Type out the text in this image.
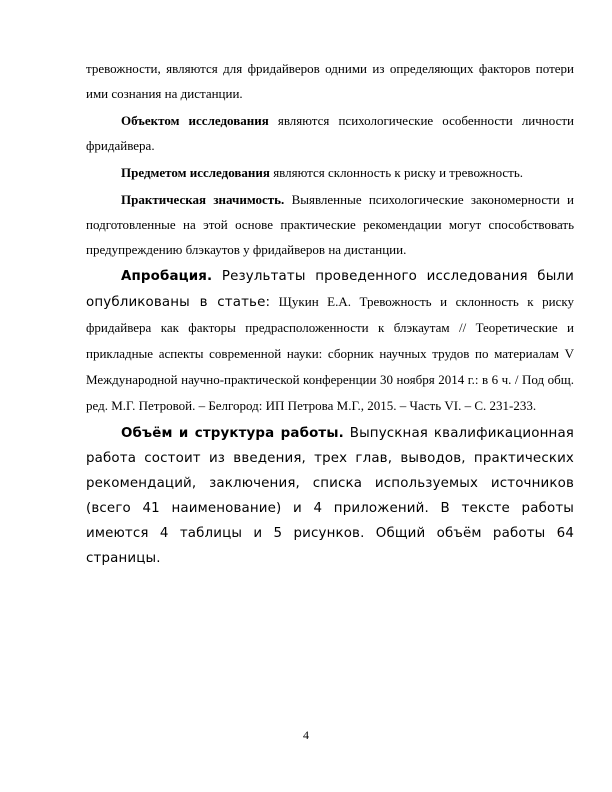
тревожности, являются для фридайверов одними из определяющих факторов потери ими сознания на дистанции.

Объектом исследования являются психологические особенности личности фридайвера.

Предметом исследования являются склонность к риску и тревожность.

Практическая значимость. Выявленные психологические закономерности и подготовленные на этой основе практические рекомендации могут способствовать предупреждению блэкаутов у фридайверов на дистанции.

Апробация. Результаты проведенного исследования были опубликованы в статье: Щукин Е.А. Тревожность и склонность к риску фридайвера как факторы предрасположенности к блэкаутам // Теоретические и прикладные аспекты современной науки: сборник научных трудов по материалам V Международной научно-практической конференции 30 ноября 2014 г.: в 6 ч. / Под общ. ред. М.Г. Петровой. – Белгород: ИП Петрова М.Г., 2015. – Часть VI. – С. 231-233.

Объём и структура работы. Выпускная квалификационная работа состоит из введения, трех глав, выводов, практических рекомендаций, заключения, списка используемых источников (всего 41 наименование) и 4 приложений. В тексте работы имеются 4 таблицы и 5 рисунков. Общий объём работы 64 страницы.

4
